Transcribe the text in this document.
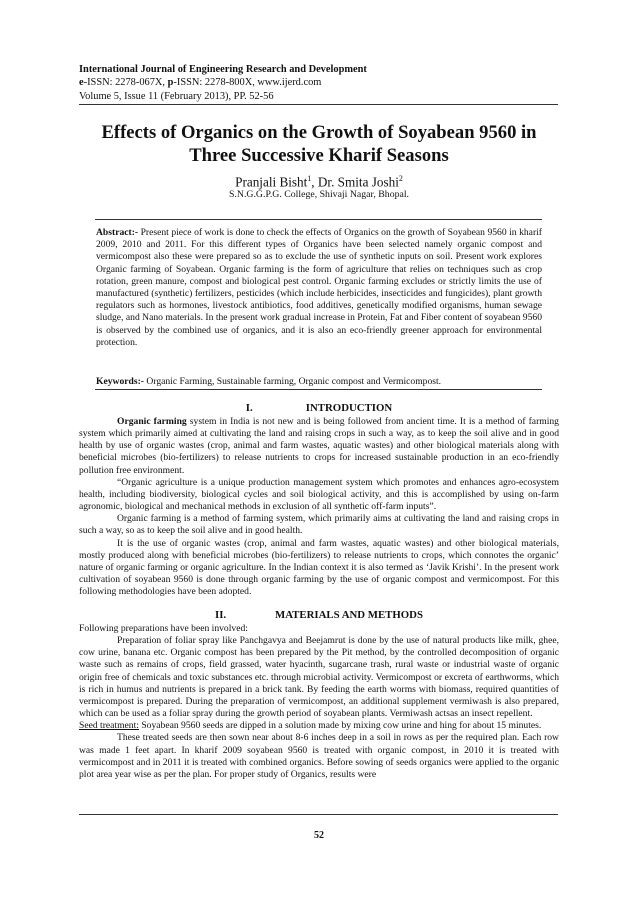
International Journal of Engineering Research and Development
e-ISSN: 2278-067X, p-ISSN: 2278-800X, www.ijerd.com
Volume 5, Issue 11 (February 2013), PP. 52-56
Effects of Organics on the Growth of Soyabean 9560 in
Three Successive Kharif Seasons
Pranjali Bisht$^1$, Dr. Smita Joshi$^2$
S.N.G.G.P.G. College, Shivaji Nagar, Bhopal.
Abstract:- Present piece of work is done to check the effects of Organics on the growth of Soyabean 9560 in kharif 2009, 2010 and 2011. For this different types of Organics have been selected namely organic compost and vermicompost also these were prepared so as to exclude the use of synthetic inputs on soil. Present work explores Organic farming of Soyabean. Organic farming is the form of agriculture that relies on techniques such as crop rotation, green manure, compost and biological pest control. Organic farming excludes or strictly limits the use of manufactured (synthetic) fertilizers, pesticides (which include herbicides, insecticides and fungicides), plant growth regulators such as hormones, livestock antibiotics, food additives, genetically modified organisms, human sewage sludge, and Nano materials. In the present work gradual increase in Protein, Fat and Fiber content of soyabean 9560 is observed by the combined use of organics, and it is also an eco-friendly greener approach for environmental protection.
Keywords:- Organic Farming, Sustainable farming, Organic compost and Vermicompost.
I.	INTRODUCTION

Organic farming system in India is not new and is being followed from ancient time. It is a method of farming system which primarily aimed at cultivating the land and raising crops in such a way, as to keep the soil alive and in good health by use of organic wastes (crop, animal and farm wastes, aquatic wastes) and other biological materials along with beneficial microbes (bio-fertilizers) to release nutrients to crops for increased sustainable production in an eco-friendly pollution free environment.

“Organic agriculture is a unique production management system which promotes and enhances agro-ecosystem health, including biodiversity, biological cycles and soil biological activity, and this is accomplished by using on-farm agronomic, biological and mechanical methods in exclusion of all synthetic off-farm inputs”.

Organic farming is a method of farming system, which primarily aims at cultivating the land and raising crops in such a way, so as to keep the soil alive and in good health.

It is the use of organic wastes (crop, animal and farm wastes, aquatic wastes) and other biological materials, mostly produced along with beneficial microbes (bio-fertilizers) to release nutrients to crops, which connotes the organic’ nature of organic farming or organic agriculture. In the Indian context it is also termed as ‘Javik Krishi’. In the present work cultivation of soyabean 9560 is done through organic farming by the use of organic compost and vermicompost. For this following methodologies have been adopted.

II.	MATERIALS AND METHODS

Following preparations have been involved:

Preparation of foliar spray like Panchgavya and Beejamrut is done by the use of natural products like milk, ghee, cow urine, banana etc. Organic compost has been prepared by the Pit method, by the controlled decomposition of organic waste such as remains of crops, field grassed, water hyacinth, sugarcane trash, rural waste or industrial waste of organic origin free of chemicals and toxic substances etc. through microbial activity. Vermicompost or excreta of earthworms, which is rich in humus and nutrients is prepared in a brick tank. By feeding the earth worms with biomass, required quantities of vermicompost is prepared. During the preparation of vermicompost, an additional supplement vermiwash is also prepared, which can be used as a foliar spray during the growth period of soyabean plants. Vermiwash actsas an insect repellent.

Seed treatment: Soyabean 9560 seeds are dipped in a solution made by mixing cow urine and hing for about 15 minutes.

These treated seeds are then sown near about 8-6 inches deep in a soil in rows as per the required plan. Each row was made 1 feet apart. In kharif 2009 soyabean 9560 is treated with organic compost, in 2010 it is treated with vermicompost and in 2011 it is treated with combined organics. Before sowing of seeds organics were applied to the organic plot area year wise as per the plan. For proper study of Organics, results were

52
